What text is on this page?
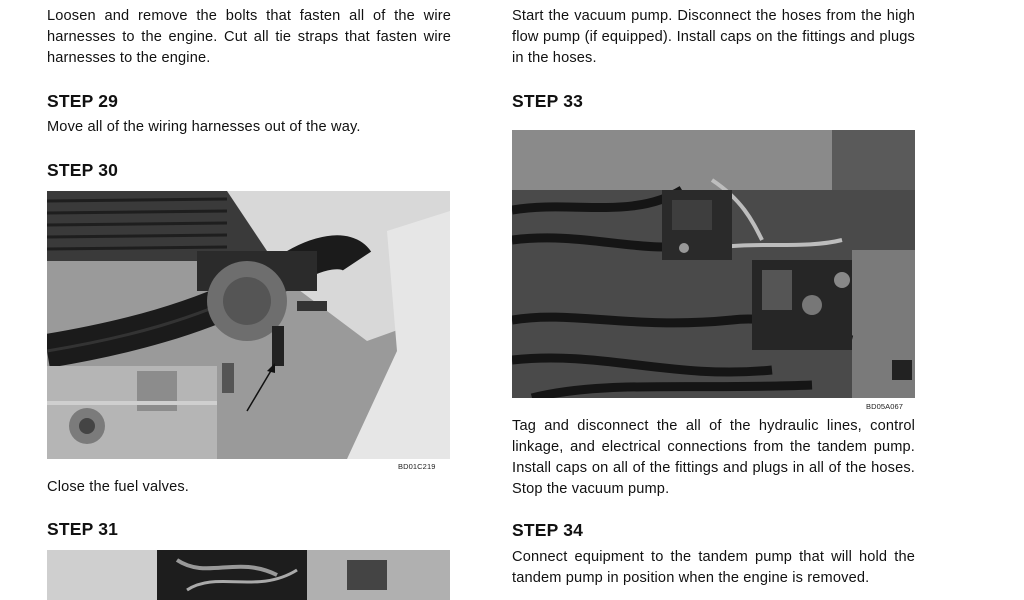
Loosen and remove the bolts that fasten all of the wire harnesses to the engine. Cut all tie straps that fasten wire harnesses to the engine.

STEP 29

Move all of the wiring harnesses out of the way.

STEP 30
BD01C219

Close the fuel valves.

STEP 31

Start the vacuum pump. Disconnect the hoses from the high flow pump (if equipped). Install caps on the fittings and plugs in the hoses.

STEP 33
BD05A067

Tag and disconnect the all of the hydraulic lines, control linkage, and electrical connections from the tandem pump. Install caps on all of the fittings and plugs in all of the hoses. Stop the vacuum pump.

STEP 34

Connect equipment to the tandem pump that will hold the tandem pump in position when the engine is removed.
